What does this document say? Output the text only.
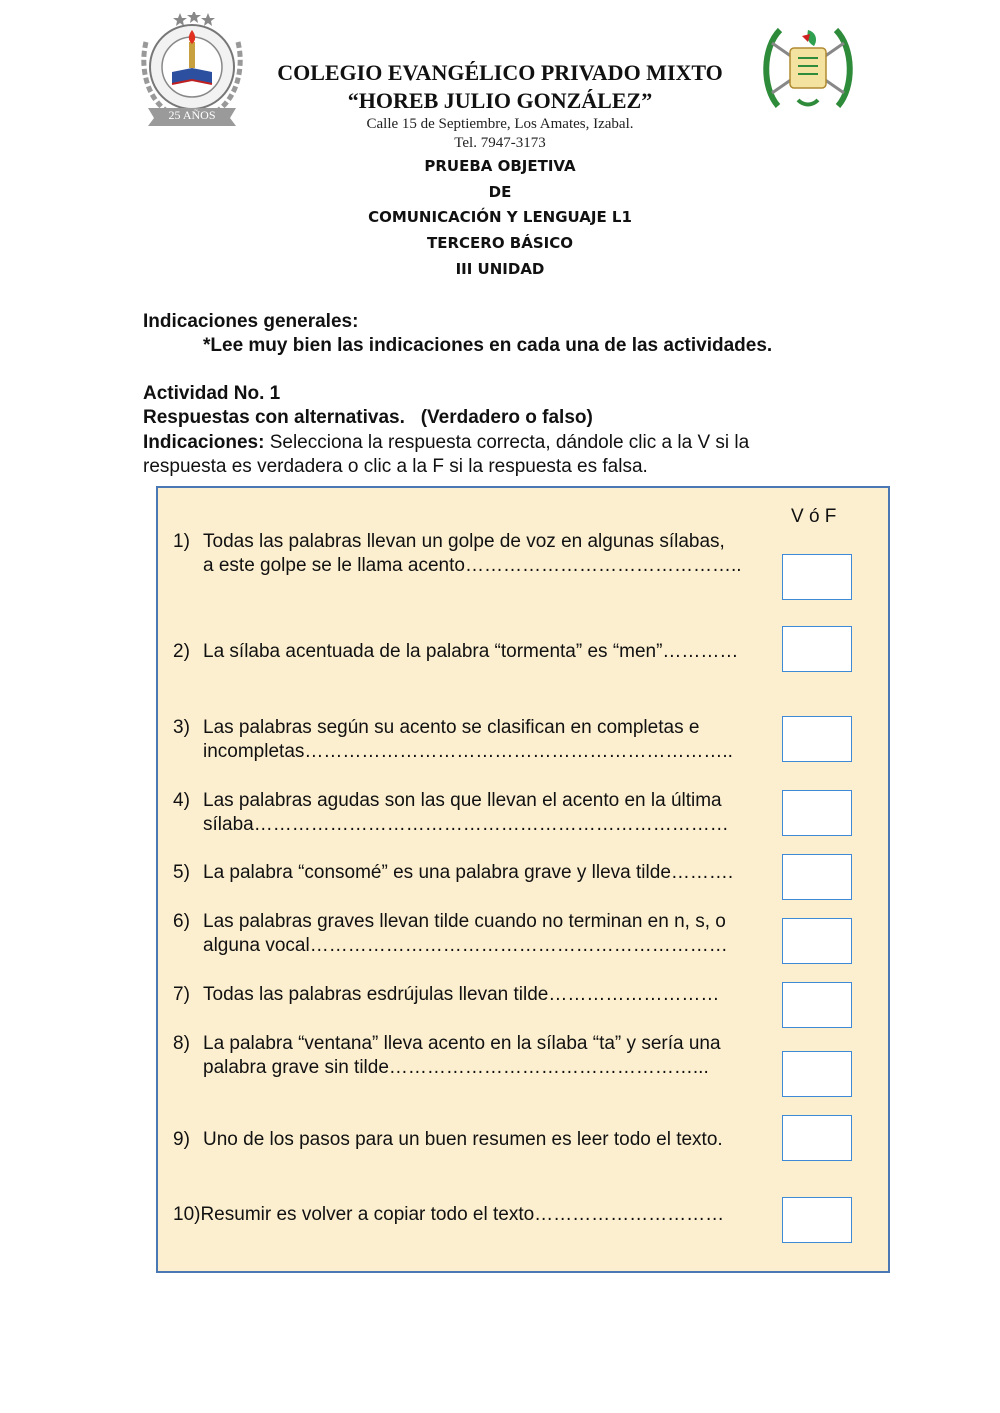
25 AÑOS
COLEGIO EVANGÉLICO PRIVADO MIXTO
“HOREB JULIO GONZÁLEZ”
Calle 15 de Septiembre, Los Amates, Izabal.
Tel. 7947-3173
PRUEBA OBJETIVA
DE
COMUNICACIÓN Y LENGUAJE L1
TERCERO BÁSICO
III UNIDAD
Indicaciones generales:
*Lee muy bien las indicaciones en cada una de las actividades.
Actividad No. 1
Respuestas con alternativas.   (Verdadero o falso)
Indicaciones: Selecciona la respuesta correcta, dándole clic a la V si la
respuesta es verdadera o clic a la F si la respuesta es falsa.
V ó F
1) Todas las palabras llevan un golpe de voz en algunas sílabas,
a este golpe se le llama acento……………………………………..
2) La sílaba acentuada de la palabra “tormenta” es “men”…………
3) Las palabras según su acento se clasifican en completas e
incompletas…………………………………………………………..
4) Las palabras agudas son las que llevan el acento en la última
sílaba…………………………………………………………………
5) La palabra “consomé” es una palabra grave y lleva tilde……….
6) Las palabras graves llevan tilde cuando no terminan en n, s, o
alguna vocal…………………………………………………………
7) Todas las palabras esdrújulas llevan tilde………………………
8) La palabra “ventana” lleva acento en la sílaba “ta” y sería una
palabra grave sin tilde…………………………………………...
9) Uno de los pasos para un buen resumen es leer todo el texto.
10)Resumir es volver a copiar todo el texto…………………………
